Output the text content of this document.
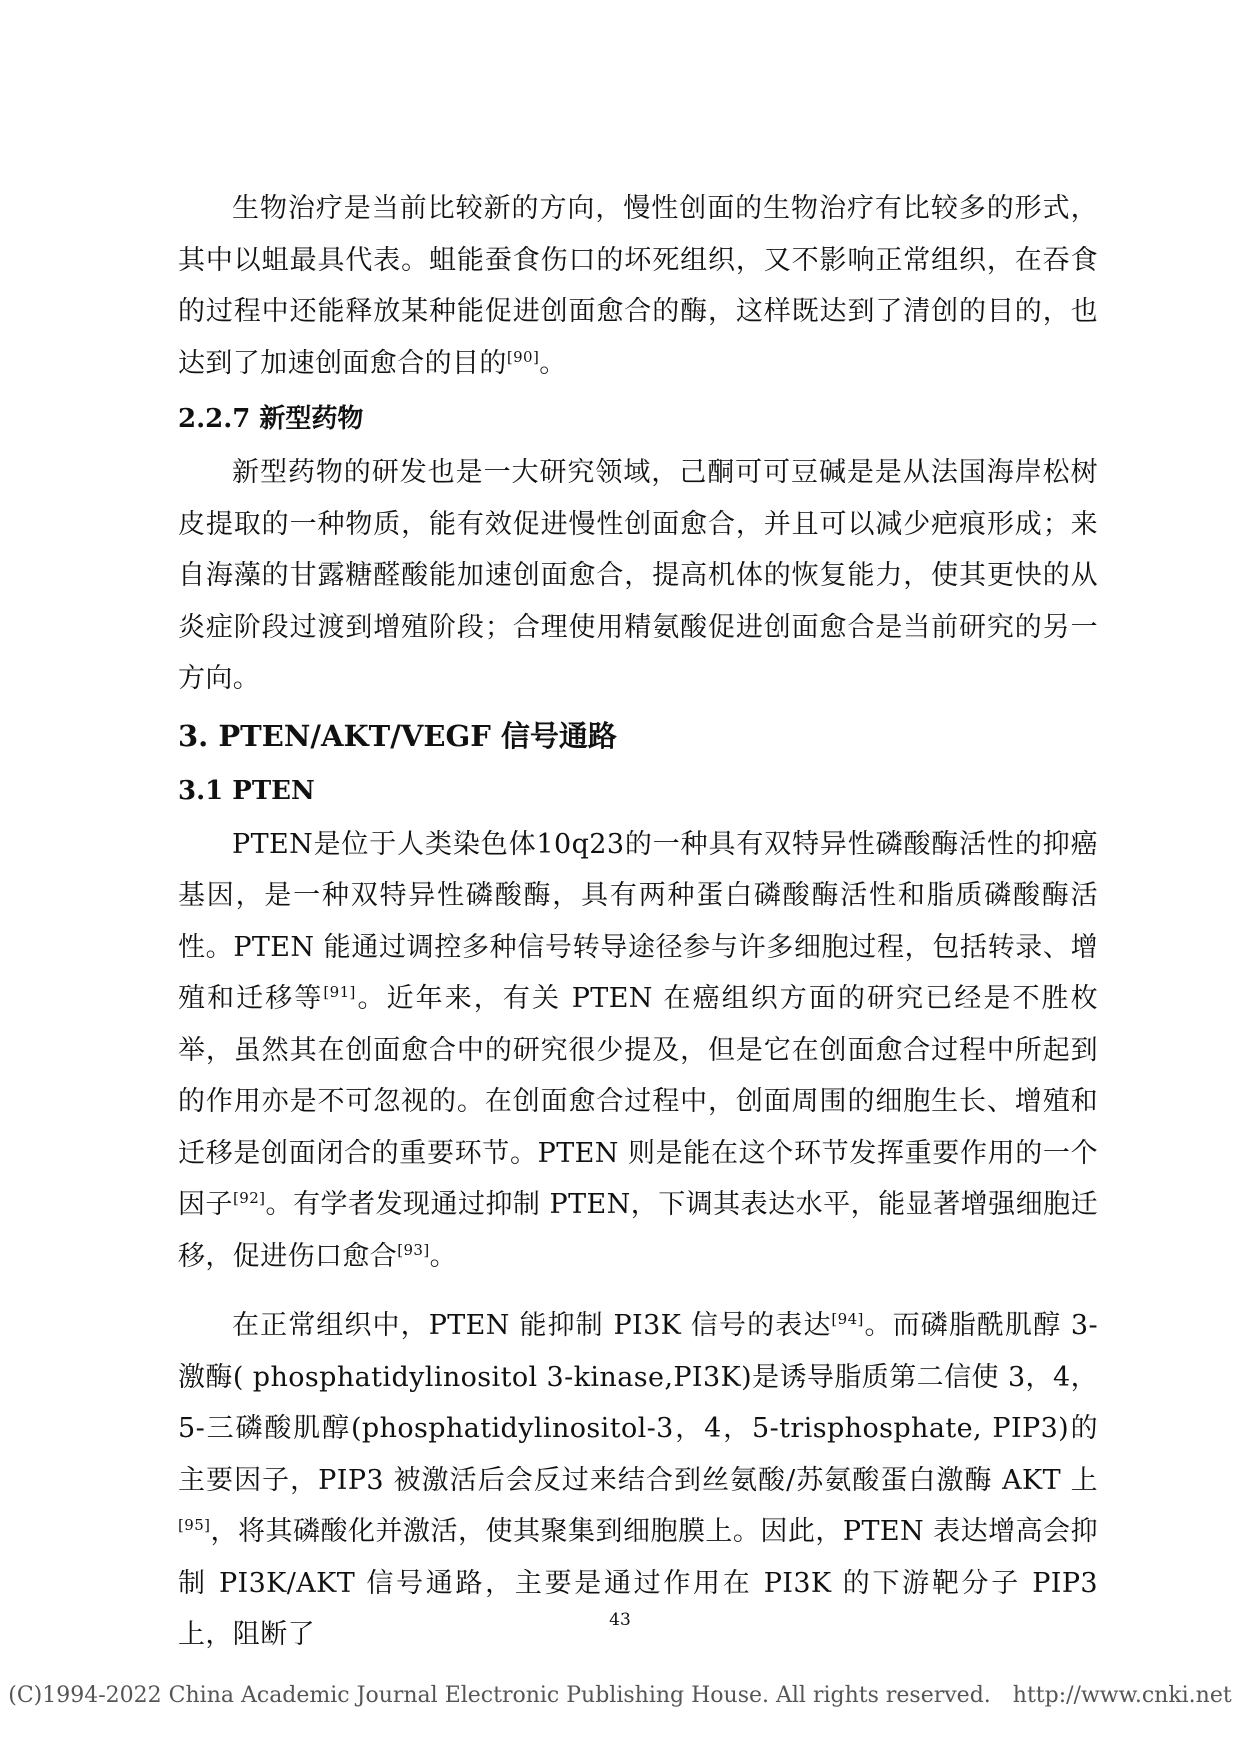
生物治疗是当前比较新的方向，慢性创面的生物治疗有比较多的形式，其中以蛆最具代表。蛆能蚕食伤口的坏死组织，又不影响正常组织，在吞食的过程中还能释放某种能促进创面愈合的酶，这样既达到了清创的目的，也达到了加速创面愈合的目的[90]。

2.2.7 新型药物

新型药物的研发也是一大研究领域，己酮可可豆碱是是从法国海岸松树皮提取的一种物质，能有效促进慢性创面愈合，并且可以减少疤痕形成；来自海藻的甘露糖醛酸能加速创面愈合，提高机体的恢复能力，使其更快的从炎症阶段过渡到增殖阶段；合理使用精氨酸促进创面愈合是当前研究的另一方向。

3. PTEN/AKT/VEGF 信号通路
3.1 PTEN

PTEN是位于人类染色体10q23的一种具有双特异性磷酸酶活性的抑癌基因，是一种双特异性磷酸酶，具有两种蛋白磷酸酶活性和脂质磷酸酶活性。PTEN 能通过调控多种信号转导途径参与许多细胞过程，包括转录、增殖和迁移等[91]。近年来，有关 PTEN 在癌组织方面的研究已经是不胜枚举，虽然其在创面愈合中的研究很少提及，但是它在创面愈合过程中所起到的作用亦是不可忽视的。在创面愈合过程中，创面周围的细胞生长、增殖和迁移是创面闭合的重要环节。PTEN 则是能在这个环节发挥重要作用的一个因子[92]。有学者发现通过抑制 PTEN，下调其表达水平，能显著增强细胞迁移，促进伤口愈合[93]。

在正常组织中，PTEN 能抑制 PI3K 信号的表达[94]。而磷脂酰肌醇 3-激酶( phosphatidylinositol 3-kinase,PI3K)是诱导脂质第二信使 3，4，5-三磷酸肌醇(phosphatidylinositol-3，4，5-trisphosphate, PIP3)的主要因子，PIP3 被激活后会反过来结合到丝氨酸/苏氨酸蛋白激酶 AKT 上[95]，将其磷酸化并激活，使其聚集到细胞膜上。因此，PTEN 表达增高会抑制 PI3K/AKT 信号通路，主要是通过作用在 PI3K 的下游靶分子 PIP3 上，阻断了	43
(C)1994-2022 China Academic Journal Electronic Publishing House. All rights reserved. http://www.cnki.net
